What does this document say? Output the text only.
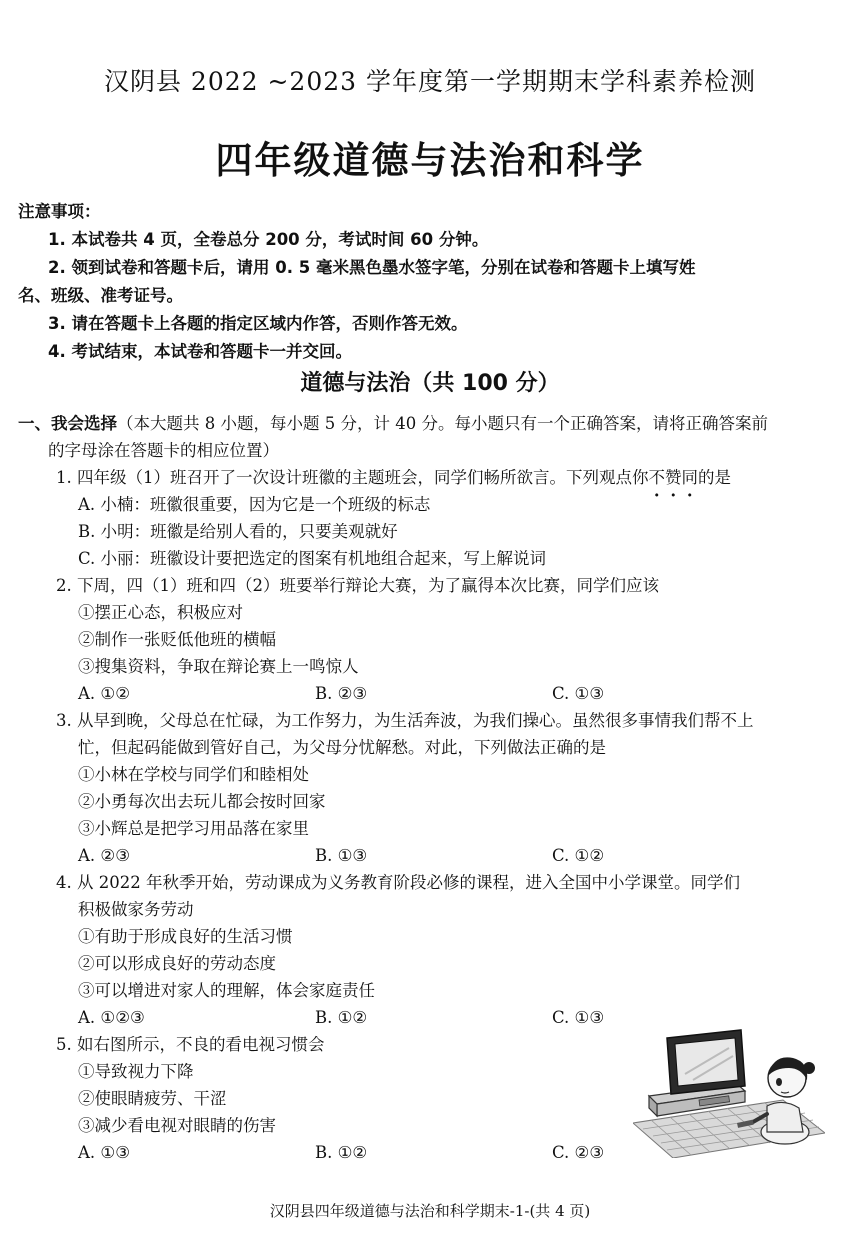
汉阴县 2022 ~2023 学年度第一学期期末学科素养检测
四年级道德与法治和科学
注意事项：
1. 本试卷共 4 页，全卷总分 200 分，考试时间 60 分钟。
2. 领到试卷和答题卡后，请用 0. 5 毫米黑色墨水签字笔，分别在试卷和答题卡上填写姓
名、班级、准考证号。
3. 请在答题卡上各题的指定区域内作答，否则作答无效。
4. 考试结束，本试卷和答题卡一并交回。
道德与法治（共 100 分）
一、我会选择（本大题共 8 小题，每小题 5 分，计 40 分。每小题只有一个正确答案，请将正确答案前
的字母涂在答题卡的相应位置）
1. 四年级（1）班召开了一次设计班徽的主题班会，同学们畅所欲言。下列观点你不赞同的是
A. 小楠：班徽很重要，因为它是一个班级的标志
B. 小明：班徽是给别人看的，只要美观就好
C. 小丽：班徽设计要把选定的图案有机地组合起来，写上解说词
2. 下周，四（1）班和四（2）班要举行辩论大赛，为了赢得本次比赛，同学们应该
①摆正心态，积极应对
②制作一张贬低他班的横幅
③搜集资料，争取在辩论赛上一鸣惊人
A. ①②	B. ②③	C. ①③
3. 从早到晚，父母总在忙碌，为工作努力，为生活奔波，为我们操心。虽然很多事情我们帮不上
忙，但起码能做到管好自己，为父母分忧解愁。对此，下列做法正确的是
①小林在学校与同学们和睦相处
②小勇每次出去玩儿都会按时回家
③小辉总是把学习用品落在家里
A. ②③	B. ①③	C. ①②
4. 从 2022 年秋季开始，劳动课成为义务教育阶段必修的课程，进入全国中小学课堂。同学们
积极做家务劳动
①有助于形成良好的生活习惯
②可以形成良好的劳动态度
③可以增进对家人的理解，体会家庭责任
A. ①②③	B. ①②	C. ①③
5. 如右图所示，不良的看电视习惯会
①导致视力下降
②使眼睛疲劳、干涩
③减少看电视对眼睛的伤害
A. ①③	B. ①②	C. ②③
汉阴县四年级道德与法治和科学期末-1-(共 4 页)
